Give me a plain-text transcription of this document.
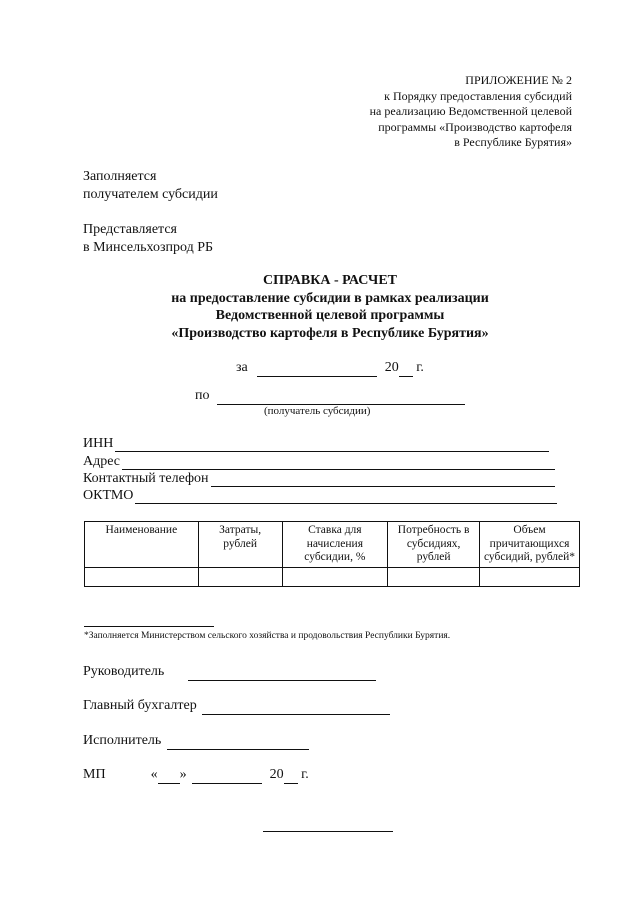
ПРИЛОЖЕНИЕ № 2
к Порядку предоставления субсидий
на реализацию Ведомственной целевой
программы «Производство картофеля
в Республике Бурятия»
Заполняется
получателем субсидии
Представляется
в Минсельхозпрод РБ
СПРАВКА - РАСЧЕТ
на предоставление субсидии в рамках реализации
Ведомственной целевой программы
«Производство картофеля в Республике Бурятия»
за	20 г.
по
(получатель субсидии)
ИНН
Адрес
Контактный телефон
ОКТМО
Наименование	Затраты, рублей	Ставка для начисления субсидии, %	Потребность в субсидиях, рублей	Объем причитающихся субсидий, рублей*

*Заполняется Министерством сельского хозяйства и продовольствия Республики Бурятия.
Руководитель
Главный бухгалтер
Исполнитель
МП	« »	20 г.
